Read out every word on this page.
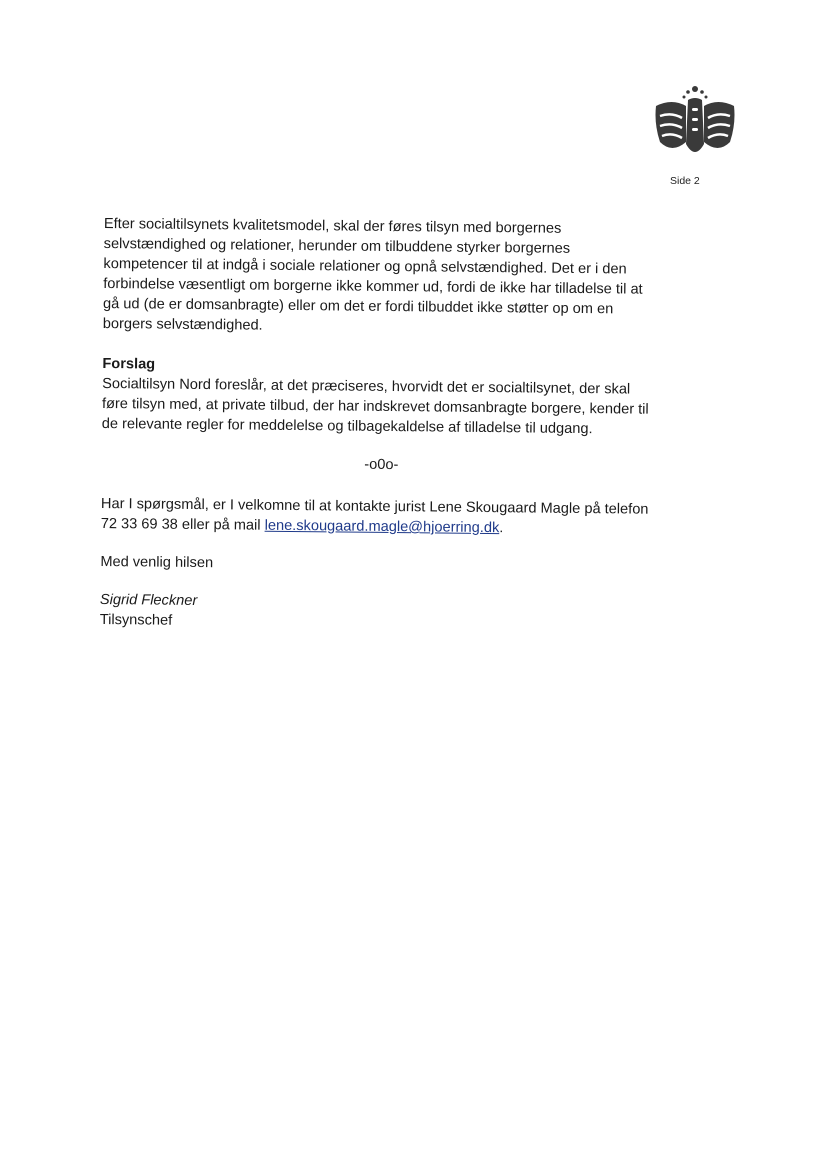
Side 2

Efter socialtilsynets kvalitetsmodel, skal der føres tilsyn med borgernes
selvstændighed og relationer, herunder om tilbuddene styrker borgernes
kompetencer til at indgå i sociale relationer og opnå selvstændighed. Det er i den
forbindelse væsentligt om borgerne ikke kommer ud, fordi de ikke har tilladelse til at
gå ud (de er domsanbragte) eller om det er fordi tilbuddet ikke støtter op om en
borgers selvstændighed.

Forslag

Socialtilsyn Nord foreslår, at det præciseres, hvorvidt det er socialtilsynet, der skal
føre tilsyn med, at private tilbud, der har indskrevet domsanbragte borgere, kender til
de relevante regler for meddelelse og tilbagekaldelse af tilladelse til udgang.

-o0o-

Har I spørgsmål, er I velkomne til at kontakte jurist Lene Skougaard Magle på telefon
72 33 69 38 eller på mail lene.skougaard.magle@hjoerring.dk.

Med venlig hilsen

Sigrid Fleckner

Tilsynschef
